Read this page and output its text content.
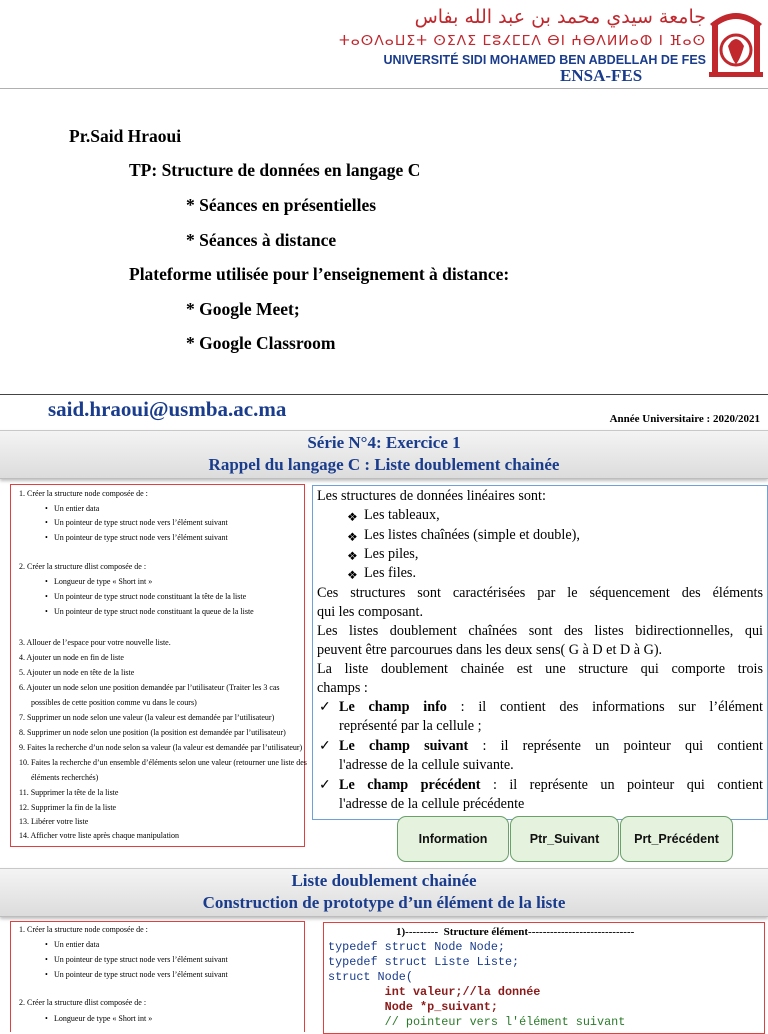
جامعة سيدي محمد بن عبد الله بفاس
ⵜⴰⵙⴷⴰⵡⵉⵜ ⵙⵉⴷⵉ ⵎⵓⵃⵎⵎⴷ ⴱⵏ ⵄⴱⴷⵍⵍⴰⵀ ⵏ ⴼⴰⵙ
UNIVERSITÉ SIDI MOHAMED BEN ABDELLAH DE FES
ENSA-FES
Pr.Said Hraoui
TP: Structure de données en langage C
* Séances en présentielles
* Séances à distance
Plateforme utilisée pour l’enseignement à distance:
* Google Meet;
* Google Classroom
said.hraoui@usmba.ac.ma	Année Universitaire : 2020/2021
Série N°4: Exercice 1
Rappel du langage C : Liste doublement chainée
1. Créer la structure node composée de :
• Un entier data
• Un pointeur de type struct node vers l’élément suivant
• Un pointeur de type struct node vers l’élément suivant
2. Créer la structure dlist composée de :
• Longueur de type « Short int »
• Un pointeur de type struct node constituant la tête de la liste
• Un pointeur de type struct node constituant la queue de la liste
3. Allouer de l’espace pour votre nouvelle liste.
4. Ajouter un node en fin de liste
5. Ajouter un node en tête de la liste
6. Ajouter un node selon une position demandée par l’utilisateur (Traiter les 3 cas
possibles de cette position comme vu dans le cours)
7. Supprimer un node selon une valeur (la valeur est demandée par l’utilisateur)
8. Supprimer un node selon une position (la position est demandée par l’utilisateur)
9. Faites la recherche d’un node selon sa valeur (la valeur est demandée par l’utilisateur)
10. Faites la recherche d’un ensemble d’éléments selon une valeur (retourner une liste des
éléments recherchés)
11. Supprimer la tête de la liste
12. Supprimer la fin de la liste
13. Libérer votre liste
14. Afficher votre liste après chaque manipulation
Les structures de données linéaires sont:
❖ Les tableaux,
❖ Les listes chaînées (simple et double),
❖ Les piles,
❖ Les files.
Ces structures sont caractérisées par le séquencement des éléments
qui les composant.
Les listes doublement chaînées sont des listes bidirectionnelles, qui
peuvent être parcourues dans les deux sens( G à D et D à G).
La liste doublement chainée est une structure qui comporte trois
champs :
✓ Le champ info : il contient des informations sur l’élément
représenté par la cellule ;
✓ Le champ suivant : il représente un pointeur qui contient
l'adresse de la cellule suivante.
✓ Le champ précédent : il représente un pointeur qui contient
l'adresse de la cellule précédente
Information	Ptr_Suivant	Prt_Précédent
Liste doublement chainée
Construction de prototype d’un élément de la liste
1. Créer la structure node composée de :
• Un entier data
• Un pointeur de type struct node vers l’élément suivant
• Un pointeur de type struct node vers l’élément suivant
2. Créer la structure dlist composée de :
• Longueur de type « Short int »
1)---------  Structure élément-----------------------------
typedef struct Node Node;
typedef struct Liste Liste;
struct Node(
int valeur;//la donnée
Node *p_suivant;
// pointeur vers l'élément suivant
